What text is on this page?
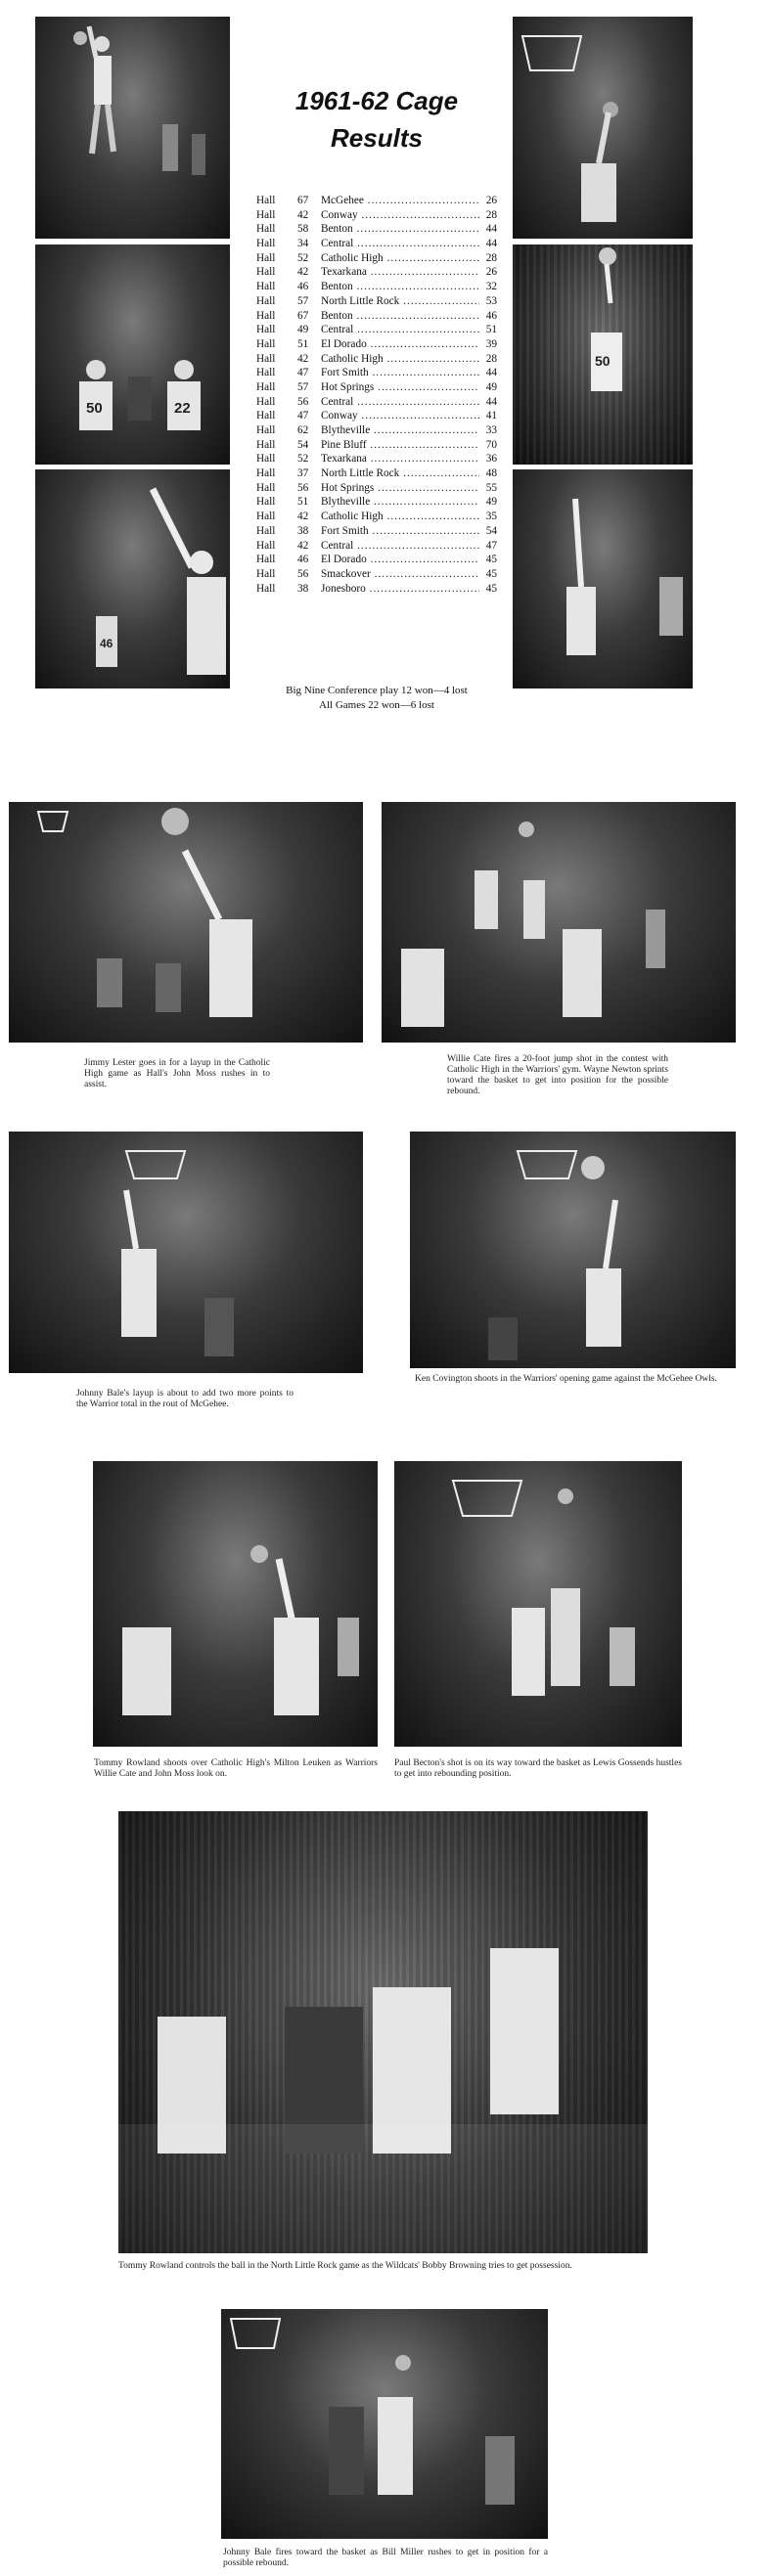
50	22
46
1961-62 Cage
Results
Hall	67	McGehee .....	26
Hall	42	Conway .....	28
Hall	58	Benton .....	44
Hall	34	Central .....	44
Hall	52	Catholic High .....	28
Hall	42	Texarkana .....	26
Hall	46	Benton .....	32
Hall	57	North Little Rock .....	53
Hall	67	Benton .....	46
Hall	49	Central .....	51
Hall	51	El Dorado .....	39
Hall	42	Catholic High .....	28
Hall	47	Fort Smith .....	44
Hall	57	Hot Springs .....	49
Hall	56	Central .....	44
Hall	47	Conway .....	41
Hall	62	Blytheville .....	33
Hall	54	Pine Bluff .....	70
Hall	52	Texarkana .....	36
Hall	37	North Little Rock .....	48
Hall	56	Hot Springs .....	55
Hall	51	Blytheville .....	49
Hall	42	Catholic High .....	35
Hall	38	Fort Smith .....	54
Hall	42	Central .....	47
Hall	46	El Dorado .....	45
Hall	56	Smackover .....	45
Hall	38	Jonesboro .....	45
Big Nine Conference play 12 won—4 lost
All Games 22 won—6 lost
50
Jimmy Lester goes in for a layup in the Catholic High game as Hall's John Moss rushes in to assist.
Willie Cate fires a 20-foot jump shot in the contest with Catholic High in the Warriors' gym. Wayne Newton sprints toward the basket to get into position for the possible rebound.
Johnny Bale's layup is about to add two more points to the Warrior total in the rout of McGehee.
Ken Covington shoots in the Warriors' opening game against the McGehee Owls.
Tommy Rowland shoots over Catholic High's Milton Leuken as Warriors Willie Cate and John Moss look on.
Paul Becton's shot is on its way toward the basket as Lewis Gossends hustles to get into rebounding position.
Tommy Rowland controls the ball in the North Little Rock game as the Wildcats' Bobby Browning tries to get possession.
Johnny Bale fires toward the basket as Bill Miller rushes to get in position for a possible rebound.
